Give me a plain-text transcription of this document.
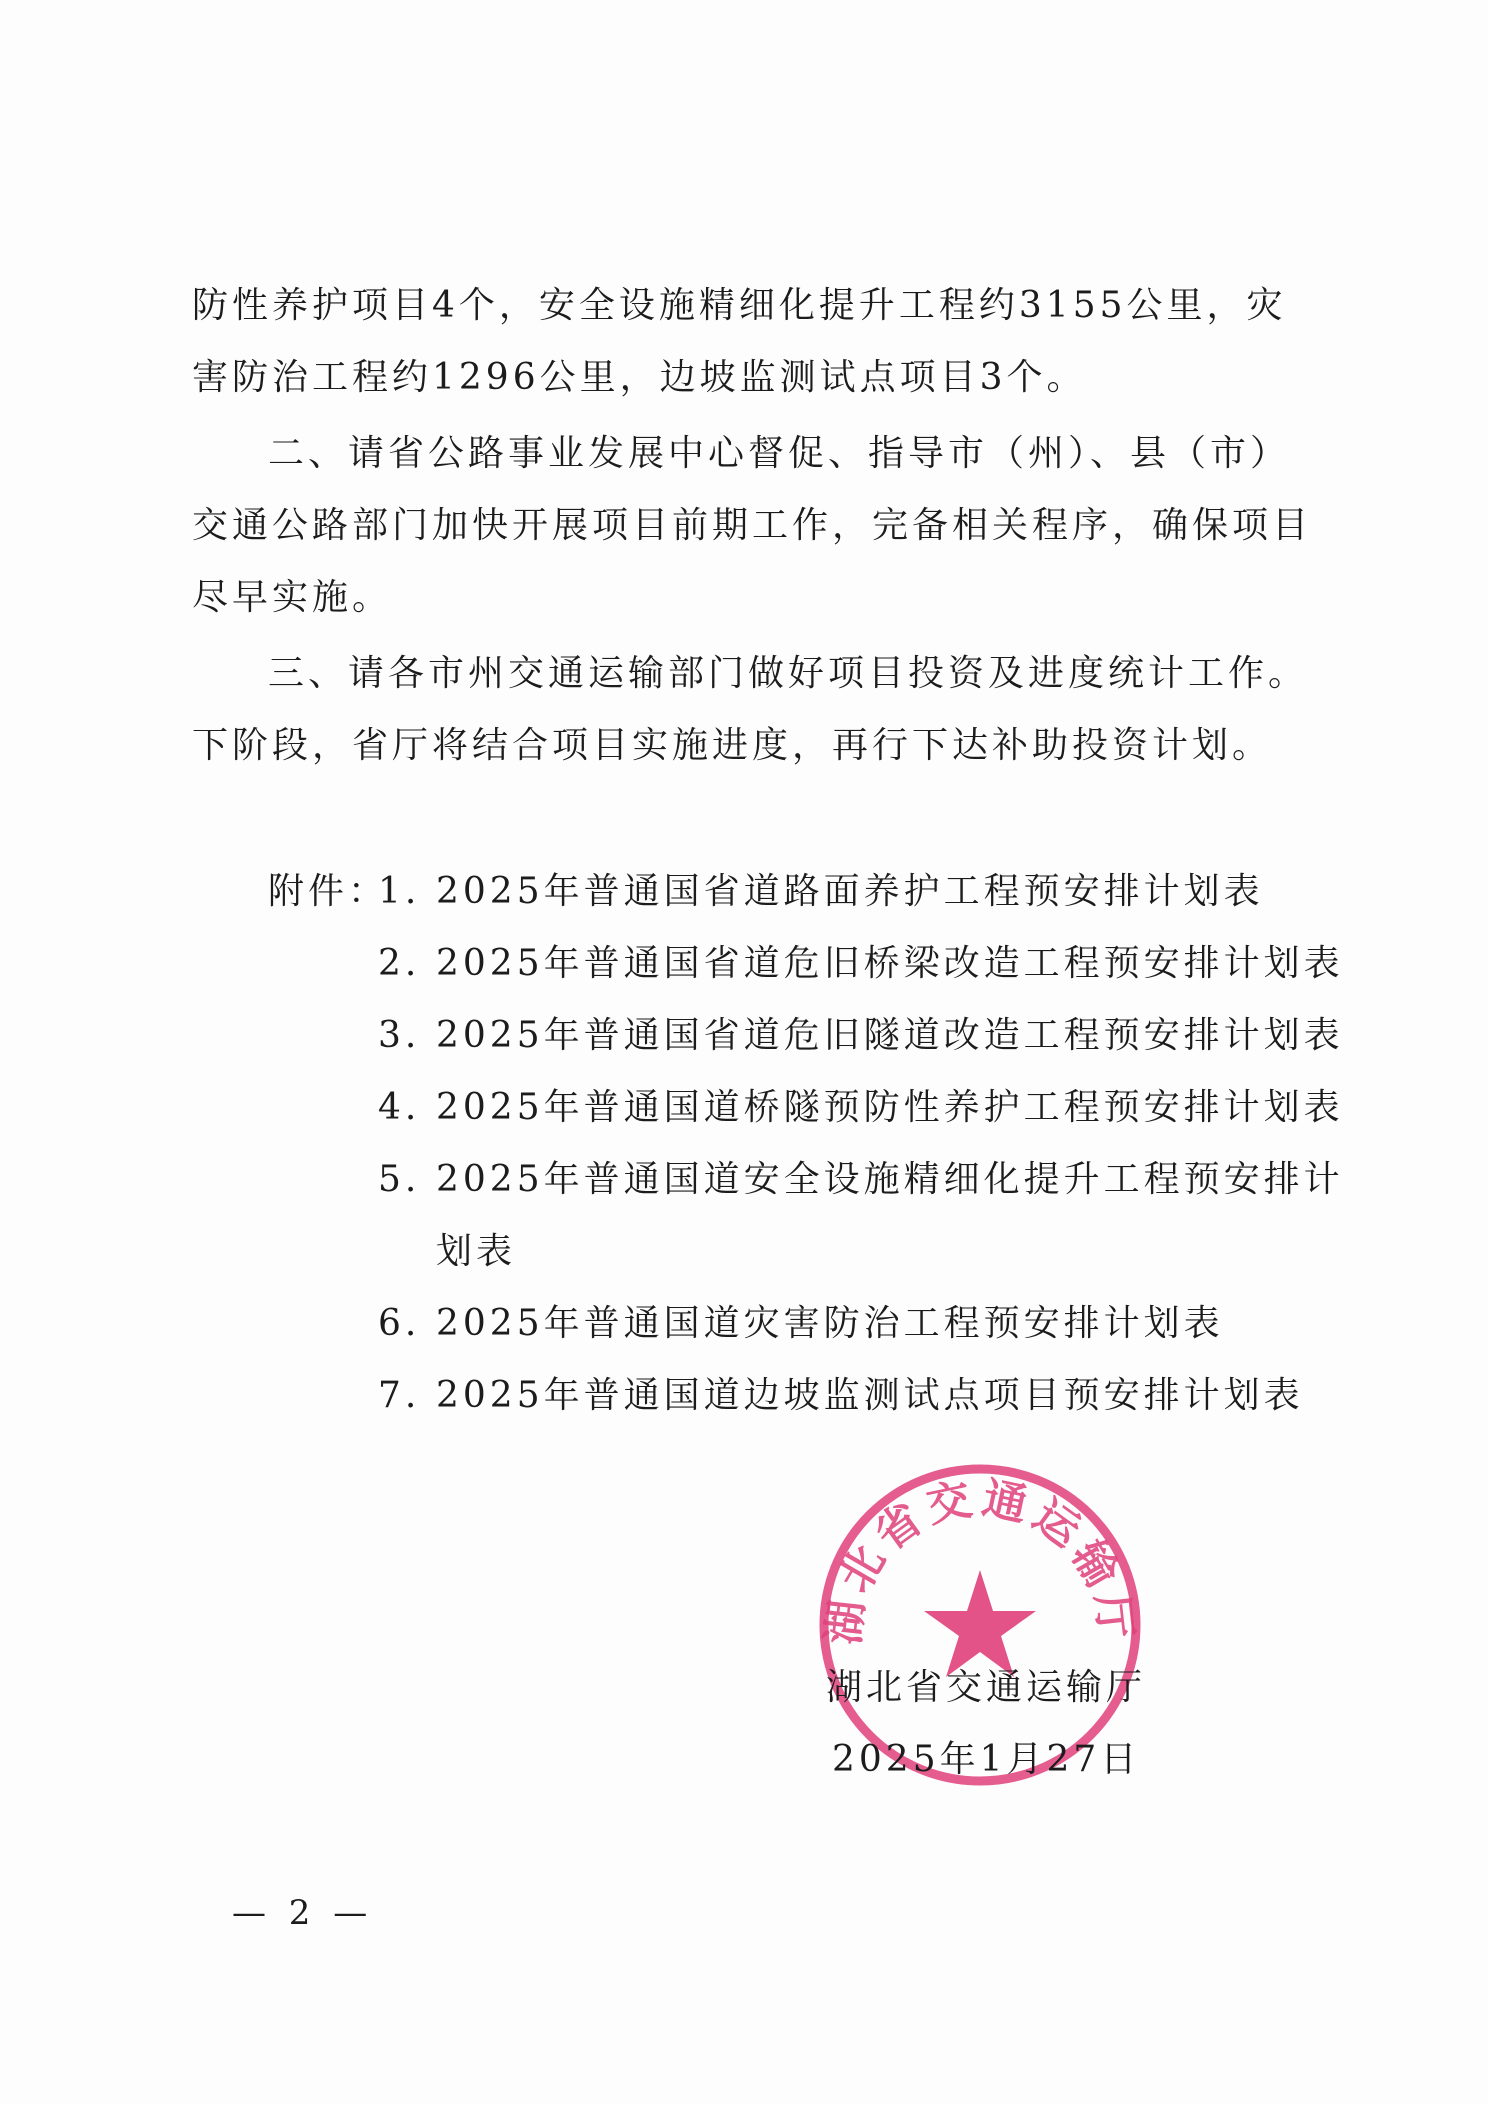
防性养护项目4个，安全设施精细化提升工程约3155公里，灾害防治工程约1296公里，边坡监测试点项目3个。
二、请省公路事业发展中心督促、指导市（州）、县（市）交通公路部门加快开展项目前期工作，完备相关程序，确保项目尽早实施。
三、请各市州交通运输部门做好项目投资及进度统计工作。下阶段，省厅将结合项目实施进度，再行下达补助投资计划。
附件：
1. 2025年普通国省道路面养护工程预安排计划表
2. 2025年普通国省道危旧桥梁改造工程预安排计划表
3. 2025年普通国省道危旧隧道改造工程预安排计划表
4. 2025年普通国道桥隧预防性养护工程预安排计划表
5. 2025年普通国道安全设施精细化提升工程预安排计
划表
6. 2025年普通国道灾害防治工程预安排计划表
7. 2025年普通国道边坡监测试点项目预安排计划表
湖北省交通运输厅
湖北省交通运输厅
2025年1月27日
— 2 —
